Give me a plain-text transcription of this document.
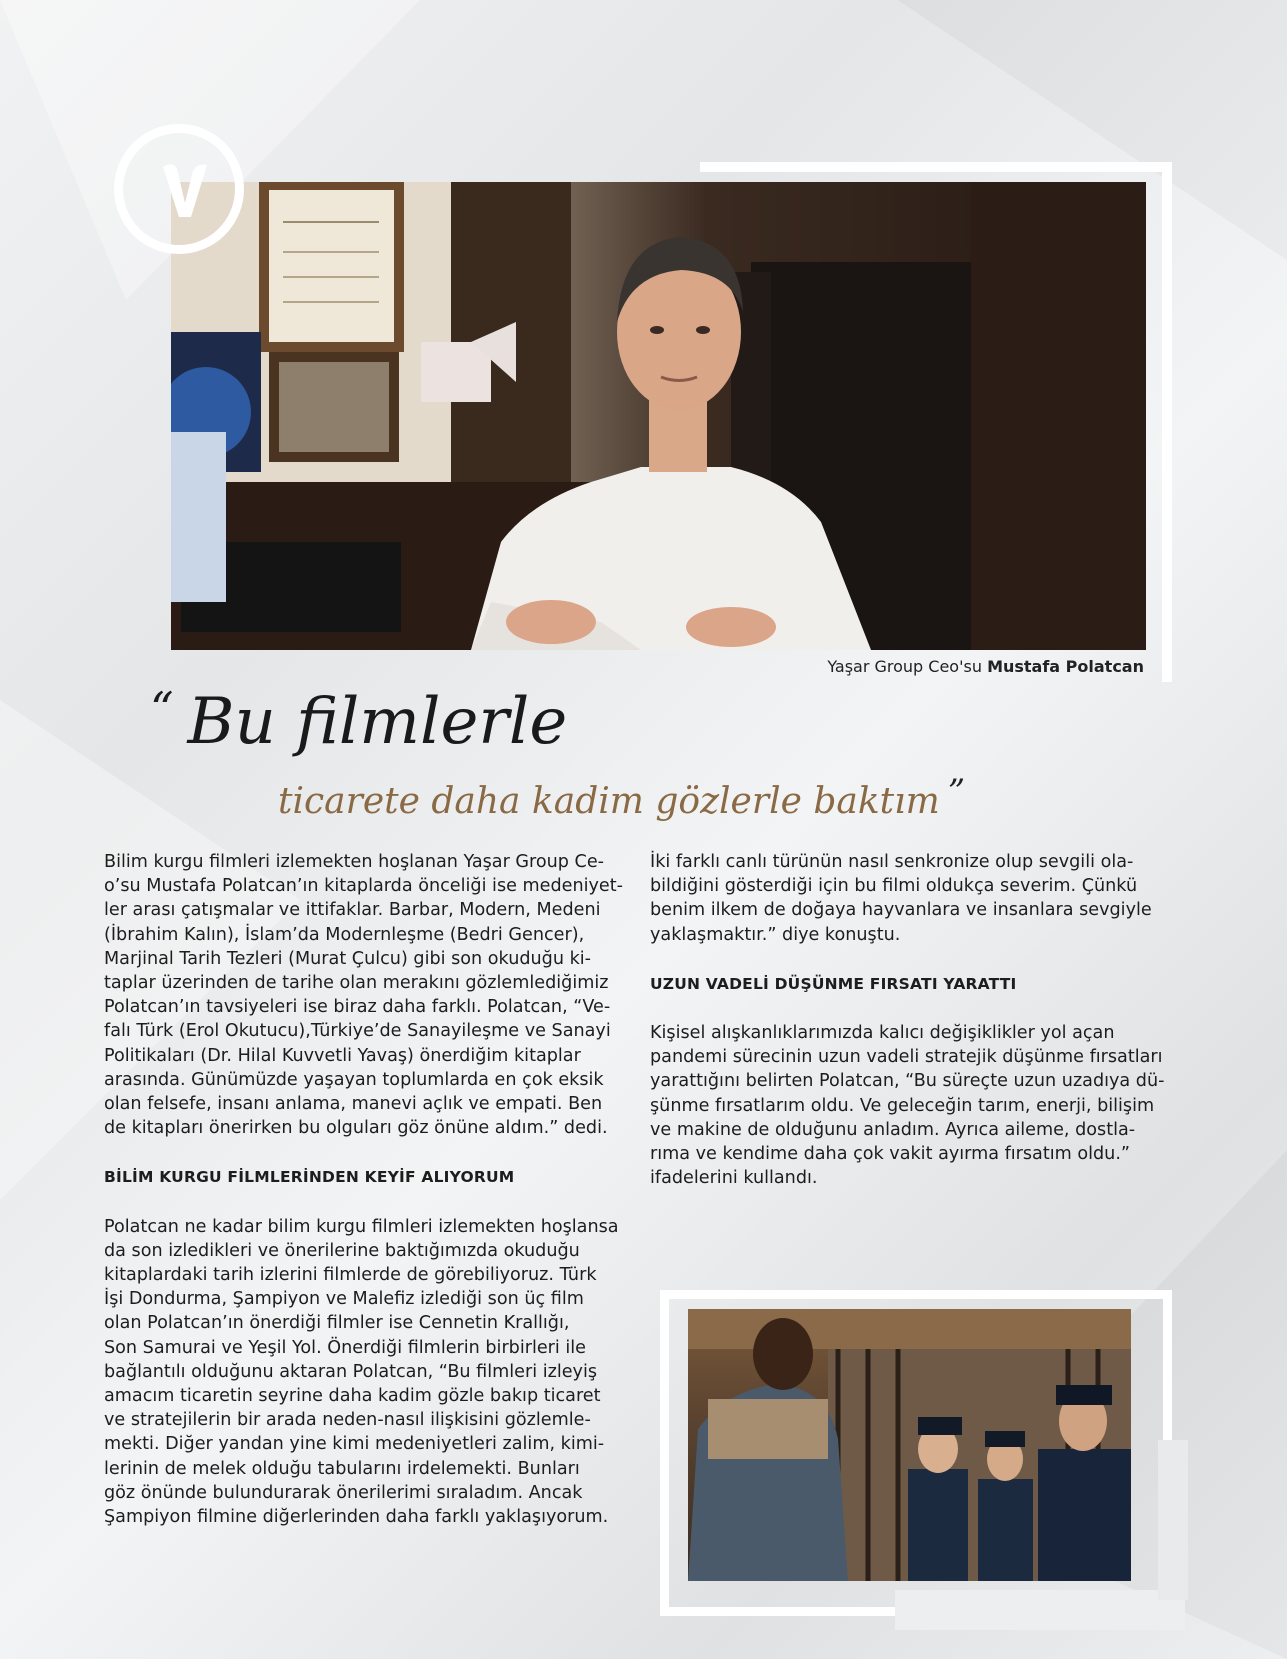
Yaşar Group Ceo'su Mustafa Polatcan
“ Bu filmlerle
ticarete daha kadim gözlerle baktım ”

Bilim kurgu filmleri izlemekten hoşlanan Yaşar Group Ce-

o’su Mustafa Polatcan’ın kitaplarda önceliği ise medeniyet-

ler arası çatışmalar ve ittifaklar. Barbar, Modern, Medeni

(İbrahim Kalın), İslam’da Modernleşme (Bedri Gencer),

Marjinal Tarih Tezleri (Murat Çulcu) gibi son okuduğu ki-

taplar üzerinden de tarihe olan merakını gözlemlediğimiz

Polatcan’ın tavsiyeleri ise biraz daha farklı. Polatcan, “Ve-

falı Türk (Erol Okutucu),Türkiye’de Sanayileşme ve Sanayi

Politikaları (Dr. Hilal Kuvvetli Yavaş) önerdiğim kitaplar

arasında. Günümüzde yaşayan toplumlarda en çok eksik

olan felsefe, insanı anlama, manevi açlık ve empati. Ben

de kitapları önerirken bu olguları göz önüne aldım.” dedi.

BİLİM KURGU FİLMLERİNDEN KEYİF ALIYORUM

Polatcan ne kadar bilim kurgu filmleri izlemekten hoşlansa

da son izledikleri ve önerilerine baktığımızda okuduğu

kitaplardaki tarih izlerini filmlerde de görebiliyoruz. Türk

İşi Dondurma, Şampiyon ve Malefiz izlediği son üç film

olan Polatcan’ın önerdiği filmler ise Cennetin Krallığı,

Son Samurai ve Yeşil Yol. Önerdiği filmlerin birbirleri ile

bağlantılı olduğunu aktaran Polatcan, “Bu filmleri izleyiş

amacım ticaretin seyrine daha kadim gözle bakıp ticaret

ve stratejilerin bir arada neden-nasıl ilişkisini gözlemle-

mekti. Diğer yandan yine kimi medeniyetleri zalim, kimi-

lerinin de melek olduğu tabularını irdelemekti. Bunları

göz önünde bulundurarak önerilerimi sıraladım. Ancak

Şampiyon filmine diğerlerinden daha farklı yaklaşıyorum.

İki farklı canlı türünün nasıl senkronize olup sevgili ola-

bildiğini gösterdiği için bu filmi oldukça severim. Çünkü

benim ilkem de doğaya hayvanlara ve insanlara sevgiyle

yaklaşmaktır.” diye konuştu.

UZUN VADELİ DÜŞÜNME FIRSATI YARATTI

Kişisel alışkanlıklarımızda kalıcı değişiklikler yol açan

pandemi sürecinin uzun vadeli stratejik düşünme fırsatları

yarattığını belirten Polatcan, “Bu süreçte uzun uzadıya dü-

şünme fırsatlarım oldu. Ve geleceğin tarım, enerji, bilişim

ve makine de olduğunu anladım. Ayrıca aileme, dostla-

rıma ve kendime daha çok vakit ayırma fırsatım oldu.”

ifadelerini kullandı.
